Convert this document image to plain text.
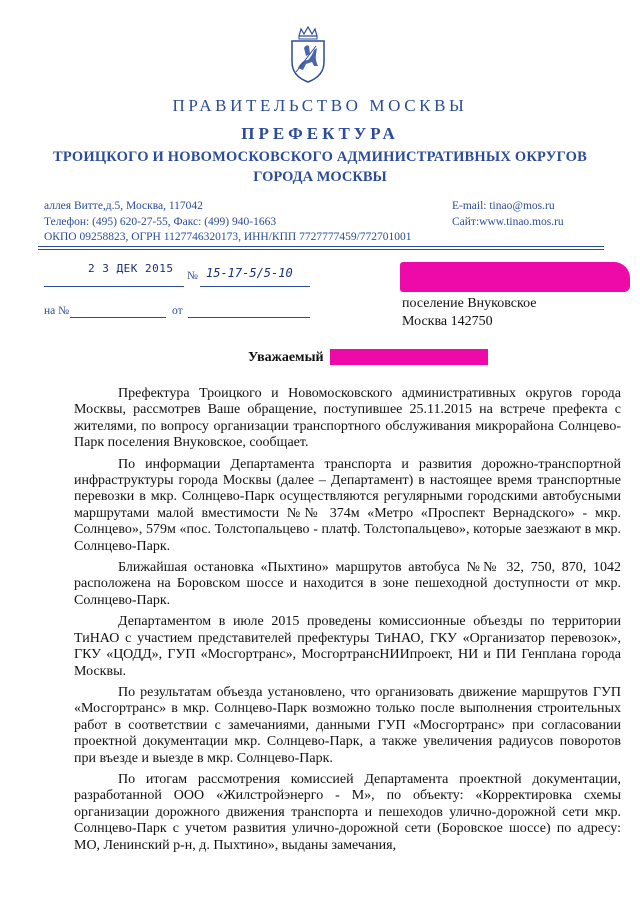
ПРАВИТЕЛЬСТВО МОСКВЫ
ПРЕФЕКТУРА
ТРОИЦКОГО И НОВОМОСКОВСКОГО АДМИНИСТРАТИВНЫХ ОКРУГОВ
ГОРОДА МОСКВЫ
аллея Витте,д.5, Москва, 117042
Телефон: (495) 620-27-55, Факс: (499) 940-1663
ОКПО 09258823, ОГРН 1127746320173, ИНН/КПП 7727777459/772701001
E-mail: tinao@mos.ru
Сайт:www.tinao.mos.ru
2 3 ДЕК 2015
№ 15-17-5/5-10
на №	от	поселение Внуковское
Москва 142750
Уважаемый

Префектура Троицкого и Новомосковского административных округов города Москвы, рассмотрев Ваше обращение, поступившее 25.11.2015 на встрече префекта с жителями, по вопросу организации транспортного обслуживания микрорайона Солнцево-Парк поселения Внуковское, сообщает.

По информации Департамента транспорта и развития дорожно-транспортной инфраструктуры города Москвы (далее – Департамент) в настоящее время транспортные перевозки в мкр. Солнцево-Парк осуществляются регулярными городскими автобусными маршрутами малой вместимости №№ 374м «Метро «Проспект Вернадского» - мкр. Солнцево», 579м «пос. Толстопальцево - платф. Толстопальцево», которые заезжают в мкр. Солнцево-Парк.

Ближайшая остановка «Пыхтино» маршрутов автобуса №№ 32, 750, 870, 1042 расположена на Боровском шоссе и находится в зоне пешеходной доступности от мкр. Солнцево-Парк.

Департаментом в июле 2015 проведены комиссионные объезды по территории ТиНАО с участием представителей префектуры ТиНАО, ГКУ «Организатор перевозок», ГКУ «ЦОДД», ГУП «Мосгортранс», МосгортрансНИИпроект, НИ и ПИ Генплана города Москвы.

По результатам объезда установлено, что организовать движение маршрутов ГУП «Мосгортранс» в мкр. Солнцево-Парк возможно только после выполнения строительных работ в соответствии с замечаниями, данными ГУП «Мосгортранс» при согласовании проектной документации мкр. Солнцево-Парк, а также увеличения радиусов поворотов при въезде и выезде в мкр. Солнцево-Парк.

По итогам рассмотрения комиссией Департамента проектной документации, разработанной ООО «Жилстройэнерго - М», по объекту: «Корректировка схемы организации дорожного движения транспорта и пешеходов улично-дорожной сети мкр. Солнцево-Парк с учетом развития улично-дорожной сети (Боровское шоссе) по адресу: МО, Ленинский р-н, д. Пыхтино», выданы замечания,
